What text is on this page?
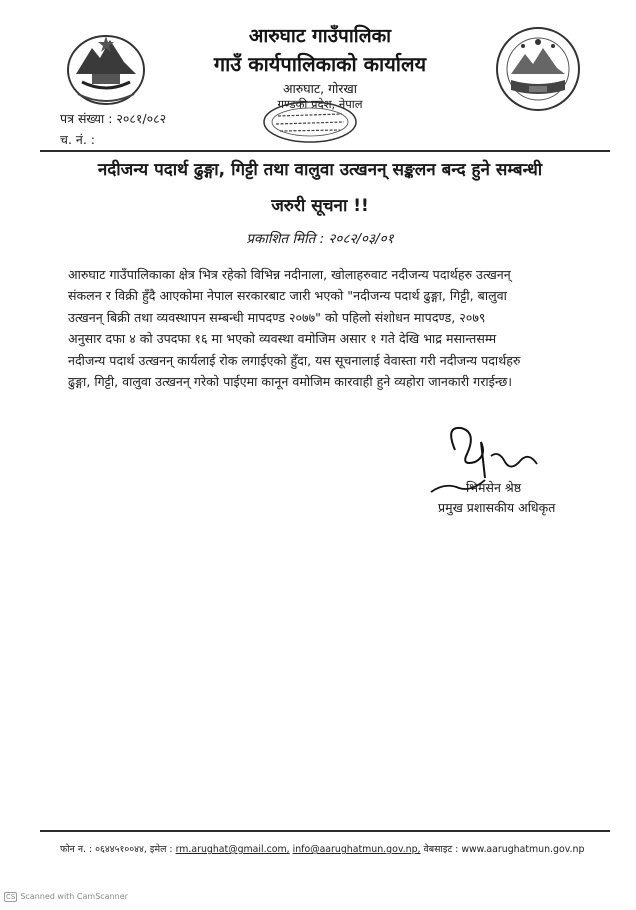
आरुघाट गाउँपालिका
गाउँ कार्यपालिकाको कार्यालय
आरुघाट, गोरखा
गण्डकी प्रदेश, नेपाल
पत्र संख्या : २०८१/०८२
च. नं. :
नदीजन्य पदार्थ ढुङ्गा, गिट्टी तथा वालुवा उत्खनन् सङ्कलन बन्द हुने सम्बन्धी
जरुरी सूचना !!
प्रकाशित मिति : २०८२/०३/०१
आरुघाट गाउँपालिकाका क्षेत्र भित्र रहेको विभिन्न नदीनाला, खोलाहरुवाट नदीजन्य पदार्थहरु उत्खनन्
संकलन र विक्री हुँदै आएकोमा नेपाल सरकारबाट जारी भएको "नदीजन्य पदार्थ ढुङ्गा, गिट्टी, बालुवा
उत्खनन् बिक्री तथा व्यवस्थापन सम्बन्धी मापदण्ड २०७७" को पहिलो संशोधन मापदण्ड, २०७९
अनुसार दफा ४ को उपदफा १६ मा भएको व्यवस्था वमोजिम असार १ गते देखि भाद्र मसान्तसम्म
नदीजन्य पदार्थ उत्खनन् कार्यलाई रोक लगाईएको हुँदा, यस सूचनालाई वेवास्ता गरी नदीजन्य पदार्थहरु
ढुङ्गा, गिट्टी, वालुवा उत्खनन् गरेको पाईएमा कानून वमोजिम कारवाही हुने व्यहोरा जानकारी गराईन्छ।
भिमसेन श्रेष्ठ
प्रमुख प्रशासकीय अधिकृत
फोन न. : ०६४४५१००४४, इमेल : rm.arughat@gmail.com, info@aarughatmun.gov.np, वेबसाइट : www.aarughatmun.gov.np
CS Scanned with CamScanner
